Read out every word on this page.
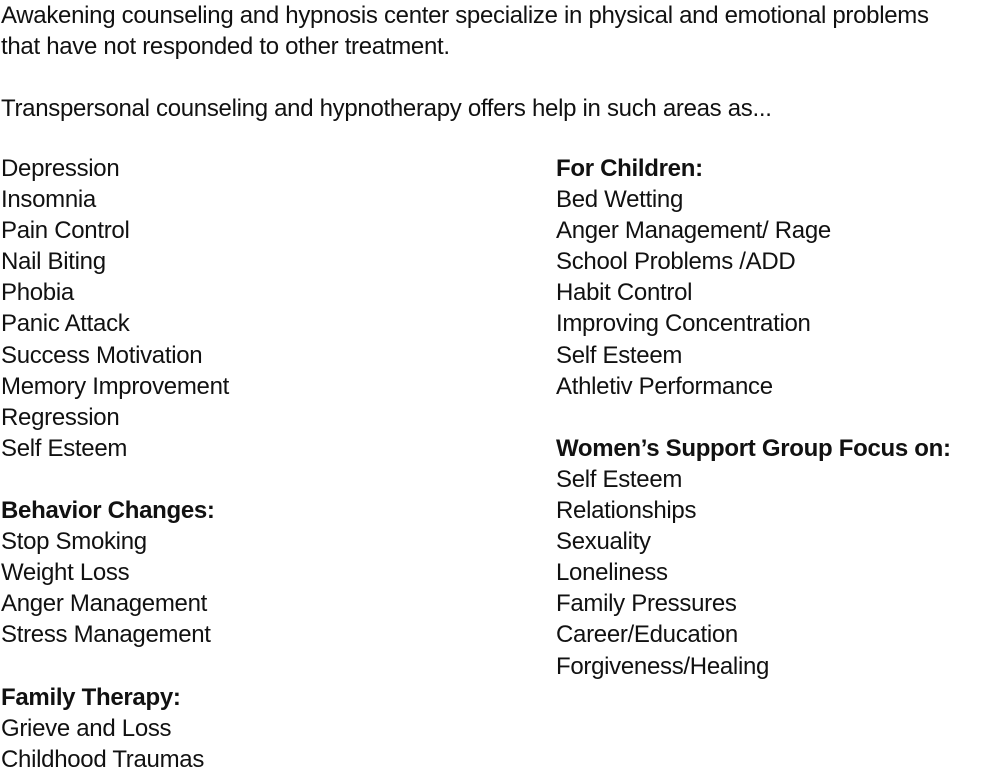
Awakening counseling and hypnosis center specialize in physical and emotional problems
that have not responded to other treatment.

Transpersonal counseling and hypnotherapy offers help in such areas as...

Depression
Insomnia
Pain Control
Nail Biting
Phobia
Panic Attack
Success Motivation
Memory Improvement
Regression
Self Esteem
Behavior Changes:
Stop Smoking
Weight Loss
Anger Management
Stress Management
Family Therapy:
Grieve and Loss
Childhood Traumas
For Children:
Bed Wetting
Anger Management/ Rage
School Problems /ADD
Habit Control
Improving Concentration
Self Esteem
Athletiv Performance
Women’s Support Group Focus on:
Self Esteem
Relationships
Sexuality
Loneliness
Family Pressures
Career/Education
Forgiveness/Healing
